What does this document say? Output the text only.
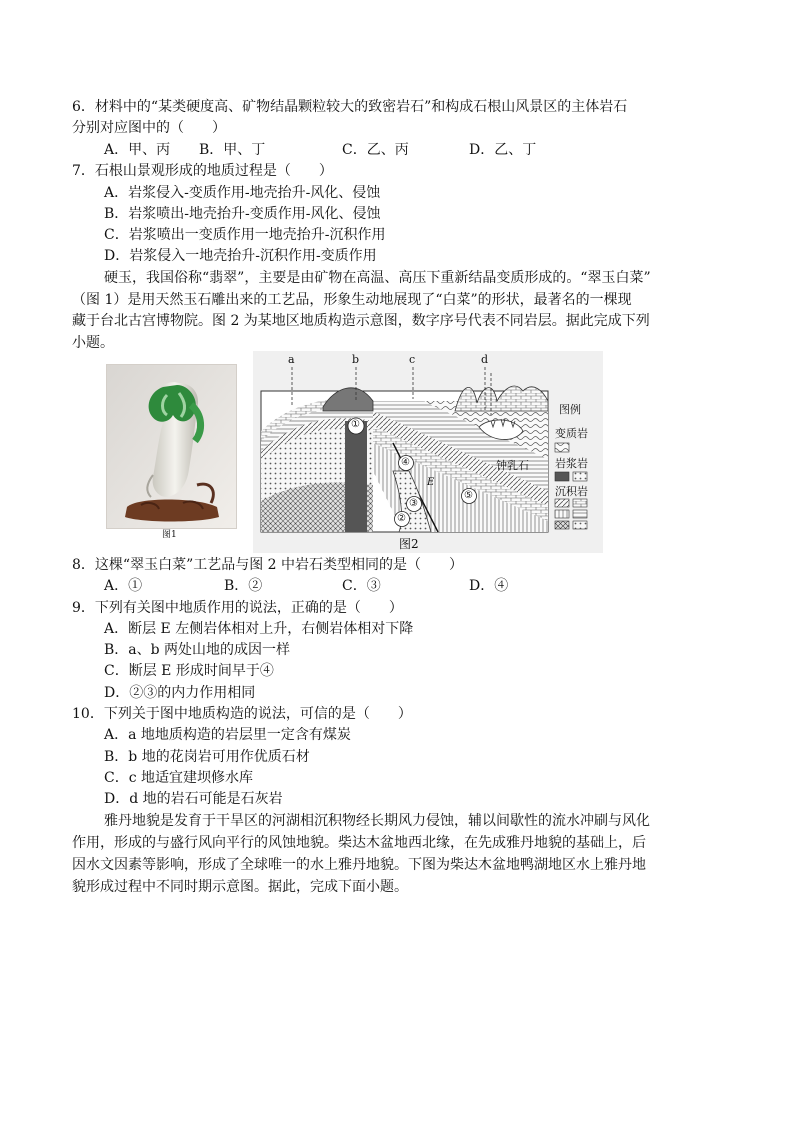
6．材料中的“某类硬度高、矿物结晶颗粒较大的致密岩石”和构成石根山风景区的主体岩石
分别对应图中的（　　）
A．甲、丙 B．甲、丁	C．乙、丙	D．乙、丁
7．石根山景观形成的地质过程是（　　）
A．岩浆侵入-变质作用-地壳抬升-风化、侵蚀
B．岩浆喷出-地壳抬升-变质作用-风化、侵蚀
C．岩浆喷出一变质作用一地壳抬升-沉积作用
D．岩浆侵入一地壳抬升-沉积作用-变质作用
硬玉，我国俗称“翡翠”，主要是由矿物在高温、高压下重新结晶变质形成的。“翠玉白菜”
（图 1）是用天然玉石雕出来的工艺品，形象生动地展现了“白菜”的形状，最著名的一棵现
藏于台北古宫博物院。图 2 为某地区地质构造示意图，数字序号代表不同岩层。据此完成下列
小题。
图1
a	b	c	d
①
②
③
④
⑤
E
钟乳石
图例
变质岩
岩浆岩
沉积岩
图2
8．这棵“翠玉白菜”工艺品与图 2 中岩石类型相同的是（　　）
A．①	B．②	C．③	D．④
9．下列有关图中地质作用的说法，正确的是（　　）
A．断层 E 左侧岩体相对上升，右侧岩体相对下降
B．a、b 两处山地的成因一样
C．断层 E 形成时间早于④
D．②③的内力作用相同
10．下列关于图中地质构造的说法，可信的是（　　）
A．a 地地质构造的岩层里一定含有煤炭
B．b 地的花岗岩可用作优质石材
C．c 地适宜建坝修水库
D．d 地的岩石可能是石灰岩
雅丹地貌是发育于干旱区的河湖相沉积物经长期风力侵蚀，辅以间歇性的流水冲刷与风化
作用，形成的与盛行风向平行的风蚀地貌。柴达木盆地西北缘，在先成雅丹地貌的基础上，后
因水文因素等影响，形成了全球唯一的水上雅丹地貌。下图为柴达木盆地鸭湖地区水上雅丹地
貌形成过程中不同时期示意图。据此，完成下面小题。
